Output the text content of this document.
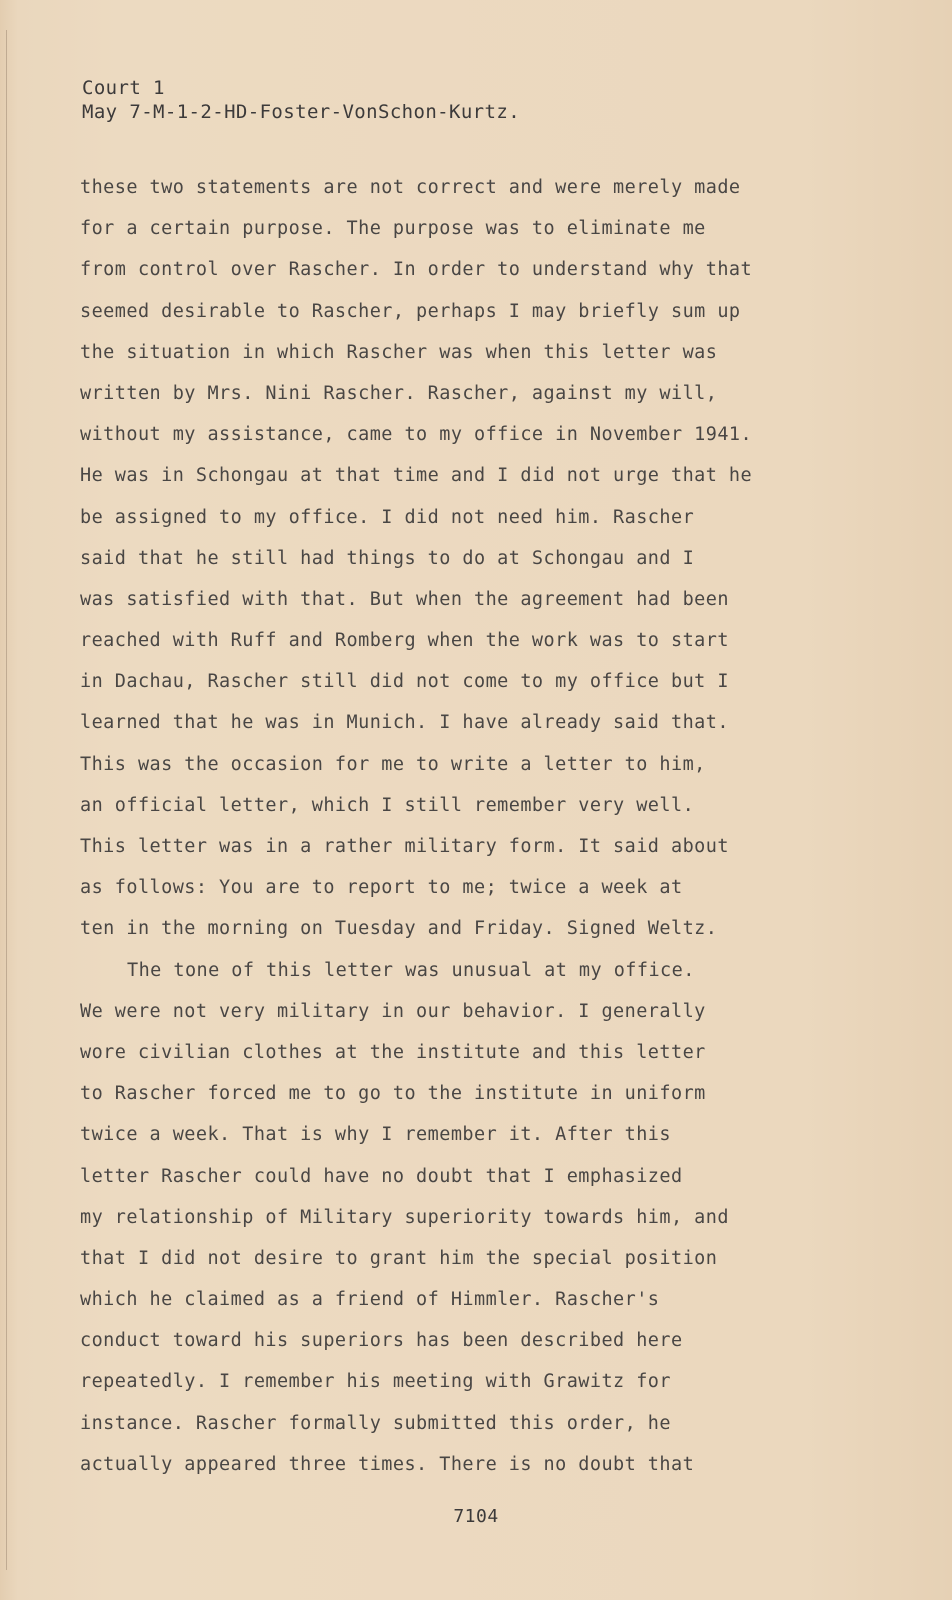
Court 1
May 7-M-1-2-HD-Foster-VonSchon-Kurtz.
these two statements are not correct and were merely made
for a certain purpose. The purpose was to eliminate me
from control over Rascher. In order to understand why that
seemed desirable to Rascher, perhaps I may briefly sum up
the situation in which Rascher was when this letter was
written by Mrs. Nini Rascher. Rascher, against my will,
without my assistance, came to my office in November 1941.
He was in Schongau at that time and I did not urge that he
be assigned to my office. I did not need him. Rascher
said that he still had things to do at Schongau and I
was satisfied with that. But when the agreement had been
reached with Ruff and Romberg when the work was to start
in Dachau, Rascher still did not come to my office but I
learned that he was in Munich. I have already said that.
This was the occasion for me to write a letter to him,
an official letter, which I still remember very well.
This letter was in a rather military form. It said about
as follows: You are to report to me; twice a week at
ten in the morning on Tuesday and Friday. Signed Weltz.
The tone of this letter was unusual at my office.
We were not very military in our behavior. I generally
wore civilian clothes at the institute and this letter
to Rascher forced me to go to the institute in uniform
twice a week. That is why I remember it. After this
letter Rascher could have no doubt that I emphasized
my relationship of Military superiority towards him, and
that I did not desire to grant him the special position
which he claimed as a friend of Himmler. Rascher's
conduct toward his superiors has been described here
repeatedly. I remember his meeting with Grawitz for
instance. Rascher formally submitted this order, he
actually appeared three times. There is no doubt that
7104
